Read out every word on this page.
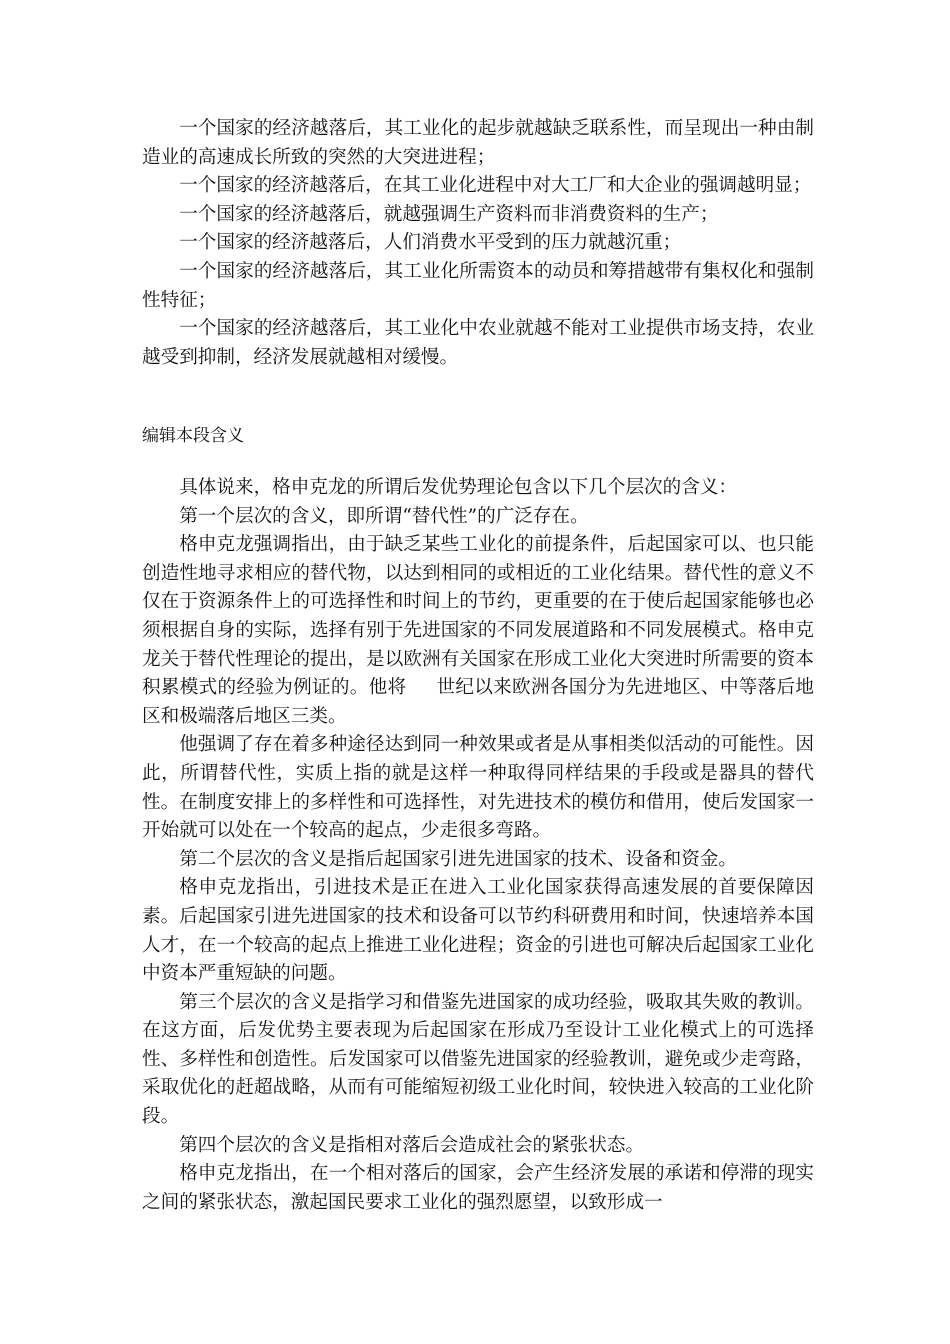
一个国家的经济越落后，其工业化的起步就越缺乏联系性，而呈现出一种由制造业的高速成长所致的突然的大突进进程；

一个国家的经济越落后，在其工业化进程中对大工厂和大企业的强调越明显；

一个国家的经济越落后，就越强调生产资料而非消费资料的生产；

一个国家的经济越落后，人们消费水平受到的压力就越沉重；

一个国家的经济越落后，其工业化所需资本的动员和筹措越带有集权化和强制性特征；

一个国家的经济越落后，其工业化中农业就越不能对工业提供市场支持，农业越受到抑制，经济发展就越相对缓慢。

编辑本段含义

具体说来，格申克龙的所谓后发优势理论包含以下几个层次的含义：

第一个层次的含义，即所谓“替代性”的广泛存在。

格申克龙强调指出，由于缺乏某些工业化的前提条件，后起国家可以、也只能创造性地寻求相应的替代物，以达到相同的或相近的工业化结果。替代性的意义不仅在于资源条件上的可选择性和时间上的节约，更重要的在于使后起国家能够也必须根据自身的实际，选择有别于先进国家的不同发展道路和不同发展模式。格申克龙关于替代性理论的提出，是以欧洲有关国家在形成工业化大突进时所需要的资本积累模式的经验为例证的。他将 世纪以来欧洲各国分为先进地区、中等落后地区和极端落后地区三类。

他强调了存在着多种途径达到同一种效果或者是从事相类似活动的可能性。因此，所谓替代性，实质上指的就是这样一种取得同样结果的手段或是器具的替代性。在制度安排上的多样性和可选择性，对先进技术的模仿和借用，使后发国家一开始就可以处在一个较高的起点，少走很多弯路。

第二个层次的含义是指后起国家引进先进国家的技术、设备和资金。

格申克龙指出，引进技术是正在进入工业化国家获得高速发展的首要保障因素。后起国家引进先进国家的技术和设备可以节约科研费用和时间，快速培养本国人才，在一个较高的起点上推进工业化进程；资金的引进也可解决后起国家工业化中资本严重短缺的问题。

第三个层次的含义是指学习和借鉴先进国家的成功经验，吸取其失败的教训。在这方面，后发优势主要表现为后起国家在形成乃至设计工业化模式上的可选择性、多样性和创造性。后发国家可以借鉴先进国家的经验教训，避免或少走弯路，采取优化的赶超战略，从而有可能缩短初级工业化时间，较快进入较高的工业化阶段。

第四个层次的含义是指相对落后会造成社会的紧张状态。

格申克龙指出，在一个相对落后的国家，会产生经济发展的承诺和停滞的现实之间的紧张状态，激起国民要求工业化的强烈愿望，以致形成一
